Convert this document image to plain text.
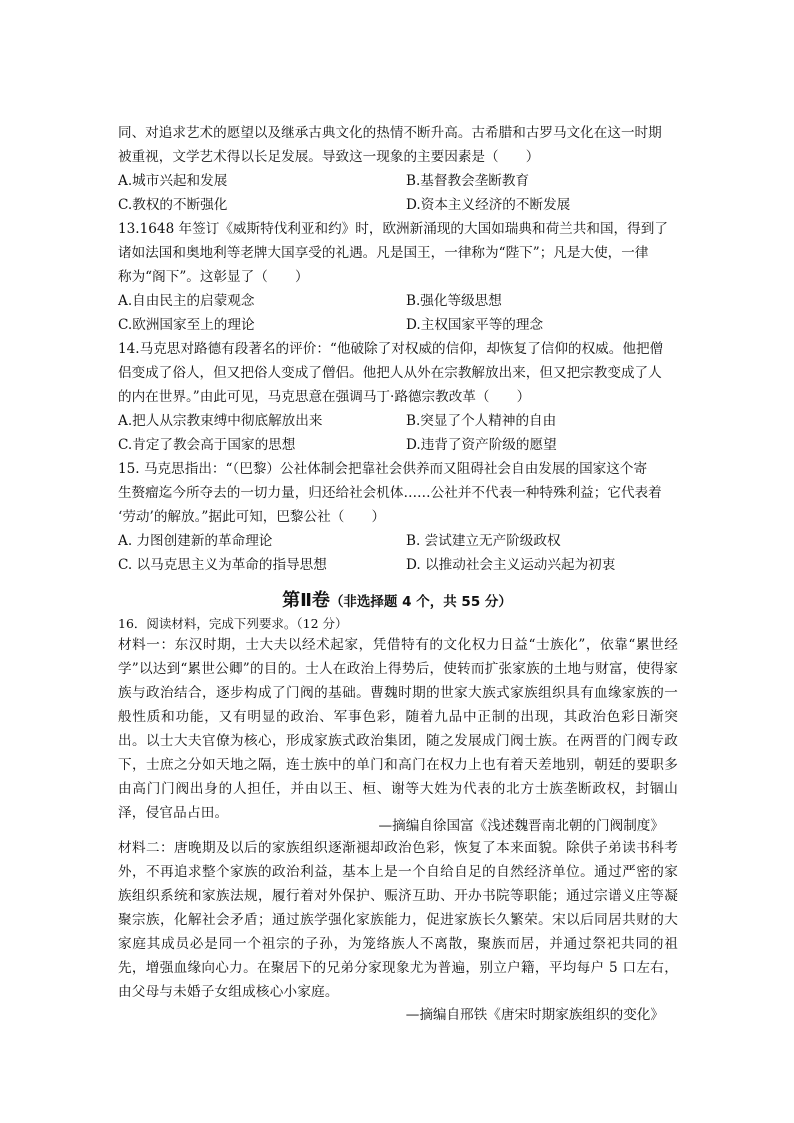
同、对追求艺术的愿望以及继承古典文化的热情不断升高。古希腊和古罗马文化在这一时期
被重视，文学艺术得以长足发展。导致这一现象的主要因素是（　　）
A.城市兴起和发展	B.基督教会垄断教育
C.教权的不断强化	D.资本主义经济的不断发展
13.1648 年签订《威斯特伐利亚和约》时，欧洲新涌现的大国如瑞典和荷兰共和国，得到了
诸如法国和奥地利等老牌大国享受的礼遇。凡是国王，一律称为“陛下”；凡是大使，一律
称为“阁下”。这彰显了（　　）
A.自由民主的启蒙观念	B.强化等级思想
C.欧洲国家至上的理论	D.主权国家平等的理念
14.马克思对路德有段著名的评价：“他破除了对权威的信仰，却恢复了信仰的权威。他把僧
侣变成了俗人，但又把俗人变成了僧侣。他把人从外在宗教解放出来，但又把宗教变成了人
的内在世界。”由此可见，马克思意在强调马丁·路德宗教改革（　　）
A.把人从宗教束缚中彻底解放出来	B.突显了个人精神的自由
C.肯定了教会高于国家的思想	D.违背了资产阶级的愿望
15. 马克思指出：“（巴黎）公社体制会把靠社会供养而又阻碍社会自由发展的国家这个寄
生赘瘤迄今所夺去的一切力量，归还给社会机体……公社并不代表一种特殊利益；它代表着
‘劳动’的解放。”据此可知，巴黎公社（　　）
A. 力图创建新的革命理论	B. 尝试建立无产阶级政权
C. 以马克思主义为革命的指导思想	D. 以推动社会主义运动兴起为初衷
第Ⅱ卷（非选择题 4 个，共 55 分）
16．阅读材料，完成下列要求。（12 分）
材料一：东汉时期，士大夫以经术起家，凭借特有的文化权力日益“士族化”，依靠“累世经学”以达到“累世公卿”的目的。士人在政治上得势后，使转而扩张家族的土地与财富，使得家族与政治结合，逐步构成了门阀的基础。曹魏时期的世家大族式家族组织具有血缘家族的一般性质和功能，又有明显的政治、军事色彩，随着九品中正制的出现，其政治色彩日渐突出。以士大夫官僚为核心，形成家族式政治集团，随之发展成门阀士族。在两晋的门阀专政下，士庶之分如天地之隔，连士族中的单门和高门在权力上也有着天差地别，朝廷的要职多由高门门阀出身的人担任，并由以王、桓、谢等大姓为代表的北方士族垄断政权，封锢山泽，侵官品占田。
—摘编自徐国富《浅述魏晋南北朝的门阀制度》
材料二：唐晚期及以后的家族组织逐渐褪却政治色彩，恢复了本来面貌。除供子弟读书科考外，不再追求整个家族的政治利益，基本上是一个自给自足的自然经济单位。通过严密的家族组织系统和家族法规，履行着对外保护、赈济互助、开办书院等职能；通过宗谱义庄等凝聚宗族，化解社会矛盾；通过族学强化家族能力，促进家族长久繁荣。宋以后同居共财的大家庭其成员必是同一个祖宗的子孙，为笼络族人不离散，聚族而居，并通过祭祀共同的祖先，增强血缘向心力。在聚居下的兄弟分家现象尤为普遍，别立户籍，平均每户 5 口左右，由父母与未婚子女组成核心小家庭。
—摘编自邢铁《唐宋时期家族组织的变化》
